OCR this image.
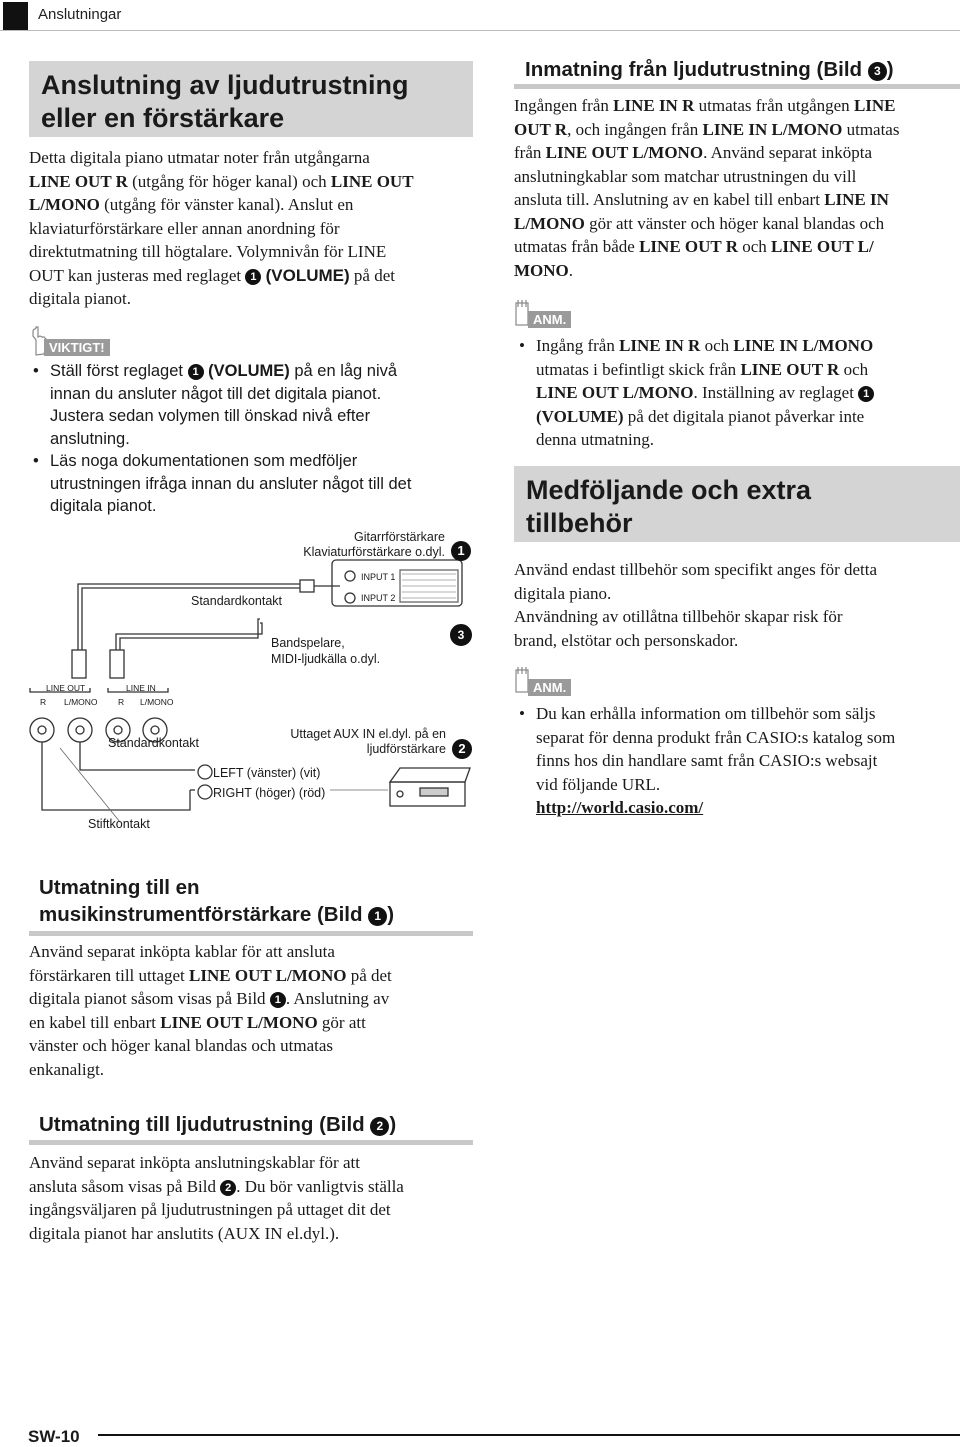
Anslutningar
Anslutning av ljudutrustning
eller en förstärkare
Detta digitala piano utmatar noter från utgångarna
LINE OUT R (utgång för höger kanal) och LINE OUT
L/MONO (utgång för vänster kanal). Anslut en
klaviaturförstärkare eller annan anordning för
direktutmatning till högtalare. Volymnivån för LINE
OUT kan justeras med reglaget 1 (VOLUME) på det
digitala pianot.
VIKTIGT!
• Ställ först reglaget 1 (VOLUME) på en låg nivå
innan du ansluter något till det digitala pianot.
Justera sedan volymen till önskad nivå efter
anslutning.
• Läs noga dokumentationen som medföljer
utrustningen ifråga innan du ansluter något till det
digitala pianot.
Gitarrförstärkare
Klaviaturförstärkare o.dyl. 1
INPUT 1
INPUT 2
Standardkontakt
Bandspelare,
MIDI-ljudkälla o.dyl.
3
LINE OUT	LINE IN
R L/MONO R L/MONO
Standardkontakt
Uttaget AUX IN el.dyl. på en
ljudförstärkare 2
LEFT (vänster) (vit)
RIGHT (höger) (röd)
Stiftkontakt
Utmatning till en
musikinstrumentförstärkare (Bild 1 )
Använd separat inköpta kablar för att ansluta
förstärkaren till uttaget LINE OUT L/MONO på det
digitala pianot såsom visas på Bild 1 . Anslutning av
en kabel till enbart LINE OUT L/MONO gör att
vänster och höger kanal blandas och utmatas
enkanaligt.
Utmatning till ljudutrustning (Bild 2 )
Använd separat inköpta anslutningskablar för att
ansluta såsom visas på Bild 2 . Du bör vanligtvis ställa
ingångsväljaren på ljudutrustningen på uttaget dit det
digitala pianot har anslutits (AUX IN el.dyl.).
Inmatning från ljudutrustning (Bild 3 )
Ingången från LINE IN R utmatas från utgången LINE
OUT R, och ingången från LINE IN L/MONO utmatas
från LINE OUT L/MONO. Använd separat inköpta
anslutningkablar som matchar utrustningen du vill
ansluta till. Anslutning av en kabel till enbart LINE IN
L/MONO gör att vänster och höger kanal blandas och
utmatas från både LINE OUT R och LINE OUT L/
MONO.
ANM.
• Ingång från LINE IN R och LINE IN L/MONO
utmatas i befintligt skick från LINE OUT R och
LINE OUT L/MONO. Inställning av reglaget 1
(VOLUME) på det digitala pianot påverkar inte
denna utmatning.
Medföljande och extra
tillbehör
Använd endast tillbehör som specifikt anges för detta
digitala piano.
Användning av otillåtna tillbehör skapar risk för
brand, elstötar och personskador.
ANM.
• Du kan erhålla information om tillbehör som säljs
separat för denna produkt från CASIO:s katalog som
finns hos din handlare samt från CASIO:s websajt
vid följande URL.
http://world.casio.com/
SW-10
